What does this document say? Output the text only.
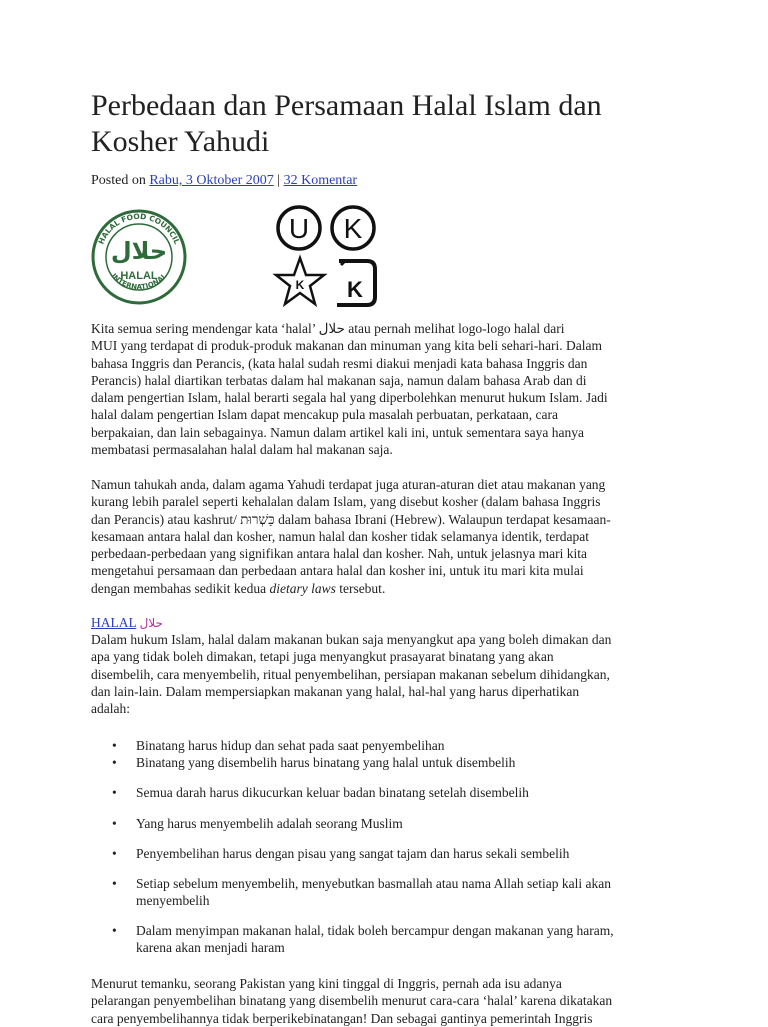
Perbedaan dan Persamaan Halal Islam dan Kosher Yahudi
Posted on Rabu, 3 Oktober 2007 | 32 Komentar
HALAL FOOD COUNCIL
INTERNATIONAL
حلال
HALAL
U K
K K
Kita semua sering mendengar kata ‘halal’ حلال atau pernah melihat logo-logo halal dari
MUI yang terdapat di produk-produk makanan dan minuman yang kita beli sehari-hari. Dalam
bahasa Inggris dan Perancis, (kata halal sudah resmi diakui menjadi kata bahasa Inggris dan
Perancis) halal diartikan terbatas dalam hal makanan saja, namun dalam bahasa Arab dan di
dalam pengertian Islam, halal berarti segala hal yang diperbolehkan menurut hukum Islam. Jadi
halal dalam pengertian Islam dapat mencakup pula masalah perbuatan, perkataan, cara
berpakaian, dan lain sebagainya. Namun dalam artikel kali ini, untuk sementara saya hanya
membatasi permasalahan halal dalam hal makanan saja.
Namun tahukah anda, dalam agama Yahudi terdapat juga aturan-aturan diet atau makanan yang
kurang lebih paralel seperti kehalalan dalam Islam, yang disebut kosher (dalam bahasa Inggris
dan Perancis) atau kashrut/ כַּשְׁרוּת dalam bahasa Ibrani (Hebrew). Walaupun terdapat kesamaan-
kesamaan antara halal dan kosher, namun halal dan kosher tidak selamanya identik, terdapat
perbedaan-perbedaan yang signifikan antara halal dan kosher. Nah, untuk jelasnya mari kita
mengetahui persamaan dan perbedaan antara halal dan kosher ini, untuk itu mari kita mulai
dengan membahas sedikit kedua dietary laws tersebut.
HALAL حلال
Dalam hukum Islam, halal dalam makanan bukan saja menyangkut apa yang boleh dimakan dan
apa yang tidak boleh dimakan, tetapi juga menyangkut prasayarat binatang yang akan
disembelih, cara menyembelih, ritual penyembelihan, persiapan makanan sebelum dihidangkan,
dan lain-lain. Dalam mempersiapkan makanan yang halal, hal-hal yang harus diperhatikan
adalah:
• Binatang harus hidup dan sehat pada saat penyembelihan
• Binatang yang disembelih harus binatang yang halal untuk disembelih
• Semua darah harus dikucurkan keluar badan binatang setelah disembelih
• Yang harus menyembelih adalah seorang Muslim
• Penyembelihan harus dengan pisau yang sangat tajam dan harus sekali sembelih
• Setiap sebelum menyembelih, menyebutkan basmallah atau nama Allah setiap kali akan
menyembelih
• Dalam menyimpan makanan halal, tidak boleh bercampur dengan makanan yang haram,
karena akan menjadi haram
Menurut temanku, seorang Pakistan yang kini tinggal di Inggris, pernah ada isu adanya
pelarangan penyembelihan binatang yang disembelih menurut cara-cara ‘halal’ karena dikatakan
cara penyembelihannya tidak berperikebinatangan! Dan sebagai gantinya pemerintah Inggris
